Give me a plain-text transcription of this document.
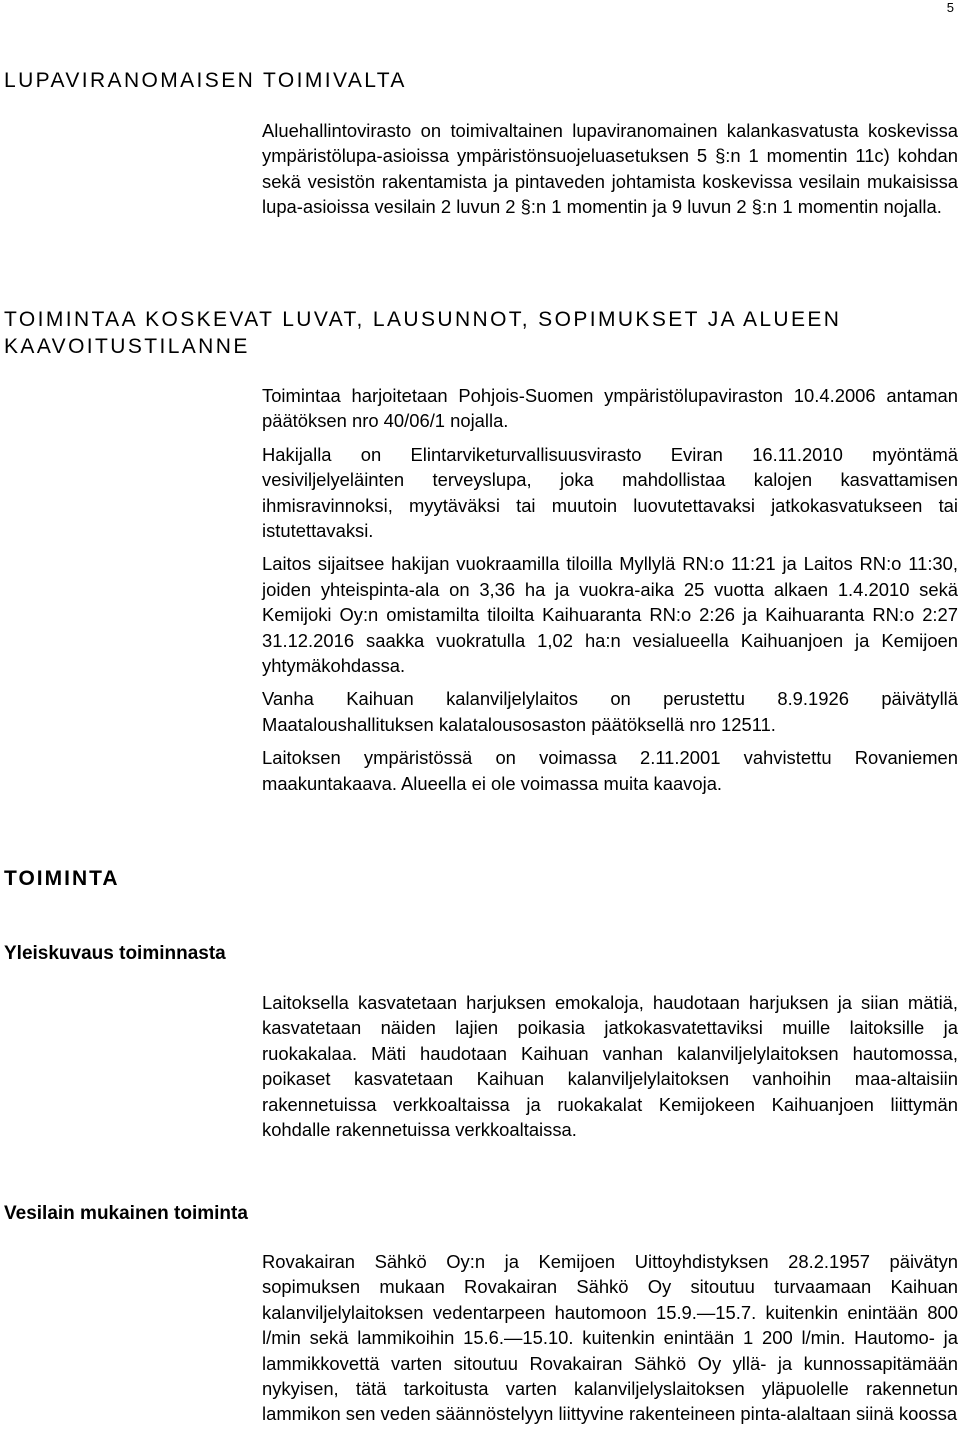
5
LUPAVIRANOMAISEN TOIMIVALTA

Aluehallintovirasto on toimivaltainen lupaviranomainen kalankasvatusta koskevissa ympäristölupa-asioissa ympäristönsuojeluasetuksen 5 §:n 1 momentin 11c) kohdan sekä vesistön rakentamista ja pintaveden johtamista koskevissa vesilain mukaisissa lupa-asioissa vesilain 2 luvun 2 §:n 1 momentin ja 9 luvun 2 §:n 1 momentin nojalla.

TOIMINTAA KOSKEVAT LUVAT, LAUSUNNOT, SOPIMUKSET JA ALUEEN KAAVOITUSTILANNE

Toimintaa harjoitetaan Pohjois-Suomen ympäristölupaviraston 10.4.2006 antaman päätöksen nro 40/06/1 nojalla.

Hakijalla on Elintarviketurvallisuusvirasto Eviran 16.11.2010 myöntämä vesiviljelyeläinten terveyslupa, joka mahdollistaa kalojen kasvattamisen ihmisravinnoksi, myytäväksi tai muutoin luovutettavaksi jatkokasvatukseen tai istutettavaksi.

Laitos sijaitsee hakijan vuokraamilla tiloilla Myllylä RN:o 11:21 ja Laitos RN:o 11:30, joiden yhteispinta-ala on 3,36 ha ja vuokra-aika 25 vuotta alkaen 1.4.2010 sekä Kemijoki Oy:n omistamilta tiloilta Kaihuaranta RN:o 2:26 ja Kaihuaranta RN:o 2:27 31.12.2016 saakka vuokratulla 1,02 ha:n vesialueella Kaihuanjoen ja Kemijoen yhtymäkohdassa.

Vanha Kaihuan kalanviljelylaitos on perustettu 8.9.1926 päivätyllä Maataloushallituksen kalatalousosaston päätöksellä nro 12511.

Laitoksen ympäristössä on voimassa 2.11.2001 vahvistettu Rovaniemen maakuntakaava. Alueella ei ole voimassa muita kaavoja.

TOIMINTA
Yleiskuvaus toiminnasta

Laitoksella kasvatetaan harjuksen emokaloja, haudotaan harjuksen ja siian mätiä, kasvatetaan näiden lajien poikasia jatkokasvatettaviksi muille laitoksille ja ruokakalaa. Mäti haudotaan Kaihuan vanhan kalanviljelylaitoksen hautomossa, poikaset kasvatetaan Kaihuan kalanviljelylaitoksen vanhoihin maa-altaisiin rakennetuissa verkkoaltaissa ja ruokakalat Kemijokeen Kaihuanjoen liittymän kohdalle rakennetuissa verkkoaltaissa.

Vesilain mukainen toiminta

Rovakairan Sähkö Oy:n ja Kemijoen Uittoyhdistyksen 28.2.1957 päivätyn sopimuksen mukaan Rovakairan Sähkö Oy sitoutuu turvaamaan Kaihuan kalanviljelylaitoksen vedentarpeen hautomoon 15.9.—15.7. kuitenkin enintään 800 l/min sekä lammikoihin 15.6.—15.10. kuitenkin enintään 1 200 l/min. Hautomo- ja lammikkovettä varten sitoutuu Rovakairan Sähkö Oy yllä- ja kunnossapitämään nykyisen, tätä tarkoitusta varten kalanviljelyslaitoksen yläpuolelle rakennetun lammikon sen veden säännöstelyyn liittyvine rakenteineen pinta-alaltaan siinä koossa
